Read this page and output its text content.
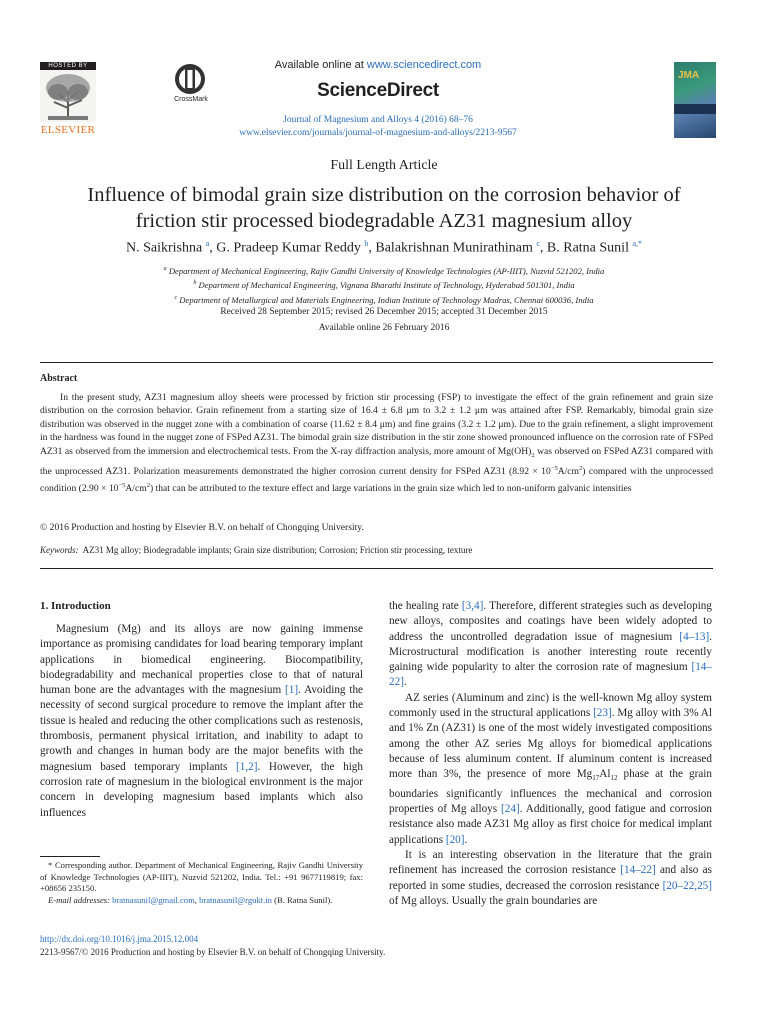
HOSTED BY
ELSEVIER
CrossMark
Available online at www.sciencedirect.com
ScienceDirect
Journal of Magnesium and Alloys 4 (2016) 68–76
www.elsevier.com/journals/journal-of-magnesium-and-alloys/2213-9567
JMA
Full Length Article
Influence of bimodal grain size distribution on the corrosion behavior of
friction stir processed biodegradable AZ31 magnesium alloy
N. Saikrishna $^a$, G. Pradeep Kumar Reddy $^b$, Balakrishnan Munirathinam $^c$, B. Ratna Sunil $^{a,*}$
$^a$ Department of Mechanical Engineering, Rajiv Gandhi University of Knowledge Technologies (AP-IIIT), Nuzvid 521202, India
$^b$ Department of Mechanical Engineering, Vignana Bharathi Institute of Technology, Hyderabad 501301, India
$^c$ Department of Metallurgical and Materials Engineering, Indian Institute of Technology Madras, Chennai 600036, India
Received 28 September 2015; revised 26 December 2015; accepted 31 December 2015
Available online 26 February 2016
Abstract

In the present study, AZ31 magnesium alloy sheets were processed by friction stir processing (FSP) to investigate the effect of the grain refinement and grain size distribution on the corrosion behavior. Grain refinement from a starting size of 16.4 ± 6.8 μm to 3.2 ± 1.2 μm was attained after FSP. Remarkably, bimodal grain size distribution was observed in the nugget zone with a combination of coarse (11.62 ± 8.4 μm) and fine grains (3.2 ± 1.2 μm). Due to the grain refinement, a slight improvement in the hardness was found in the nugget zone of FSPed AZ31. The bimodal grain size distribution in the stir zone showed pronounced influence on the corrosion rate of FSPed AZ31 as observed from the immersion and electrochemical tests. From the X-ray diffraction analysis, more amount of $Mg(OH)_2$ was observed on FSPed AZ31 compared with the unprocessed AZ31. Polarization measurements demonstrated the higher corrosion current density for FSPed AZ31 $(8.92 \times 10^{-5}A/cm^2)$ compared with the unprocessed condition $(2.90 \times 10^{-5}A/cm^2)$ that can be attributed to the texture effect and large variations in the grain size which led to non-uniform galvanic intensities

© 2016 Production and hosting by Elsevier B.V. on behalf of Chongqing University.
Keywords: AZ31 Mg alloy; Biodegradable implants; Grain size distribution; Corrosion; Friction stir processing, texture
1. Introduction

Magnesium (Mg) and its alloys are now gaining immense importance as promising candidates for load bearing temporary implant applications in biomedical engineering. Biocompatibility, biodegradability and mechanical properties close to that of natural human bone are the advantages with the magnesium [1]. Avoiding the necessity of second surgical procedure to remove the implant after the tissue is healed and reducing the other complications such as restenosis, thrombosis, permanent physical irritation, and inability to adapt to growth and changes in human body are the major benefits with the magnesium based temporary implants [1,2]. However, the high corrosion rate of magnesium in the biological environment is the major concern in developing magnesium based implants which also influences

the healing rate [3,4]. Therefore, different strategies such as developing new alloys, composites and coatings have been widely adopted to address the uncontrolled degradation issue of magnesium [4–13]. Microstructural modification is another interesting route recently gaining wide popularity to alter the corrosion rate of magnesium [14–22].

AZ series (Aluminum and zinc) is the well-known Mg alloy system commonly used in the structural applications [23]. Mg alloy with 3% Al and 1% Zn (AZ31) is one of the most widely investigated compositions among the other AZ series Mg alloys for biomedical applications because of less aluminum content. If aluminum content is increased more than 3%, the presence of more $Mg_{17}Al_{12}$ phase at the grain boundaries significantly influences the mechanical and corrosion properties of Mg alloys [24]. Additionally, good fatigue and corrosion resistance also made AZ31 Mg alloy as first choice for medical implant applications [20].

It is an interesting observation in the literature that the grain refinement has increased the corrosion resistance [14–22] and also as reported in some studies, decreased the corrosion resistance [20–22,25] of Mg alloys. Usually the grain boundaries are

* Corresponding author. Department of Mechanical Engineering, Rajiv Gandhi University of Knowledge Technologies (AP-IIIT), Nuzvid 521202, India. Tel.: +91 9677119819; fax: +08656 235150.

E-mail addresses: bratnasunil@gmail.com, bratnasunil@rgukt.in (B. Ratna Sunil).

http://dx.doi.org/10.1016/j.jma.2015.12.004
2213-9567/© 2016 Production and hosting by Elsevier B.V. on behalf of Chongqing University.
